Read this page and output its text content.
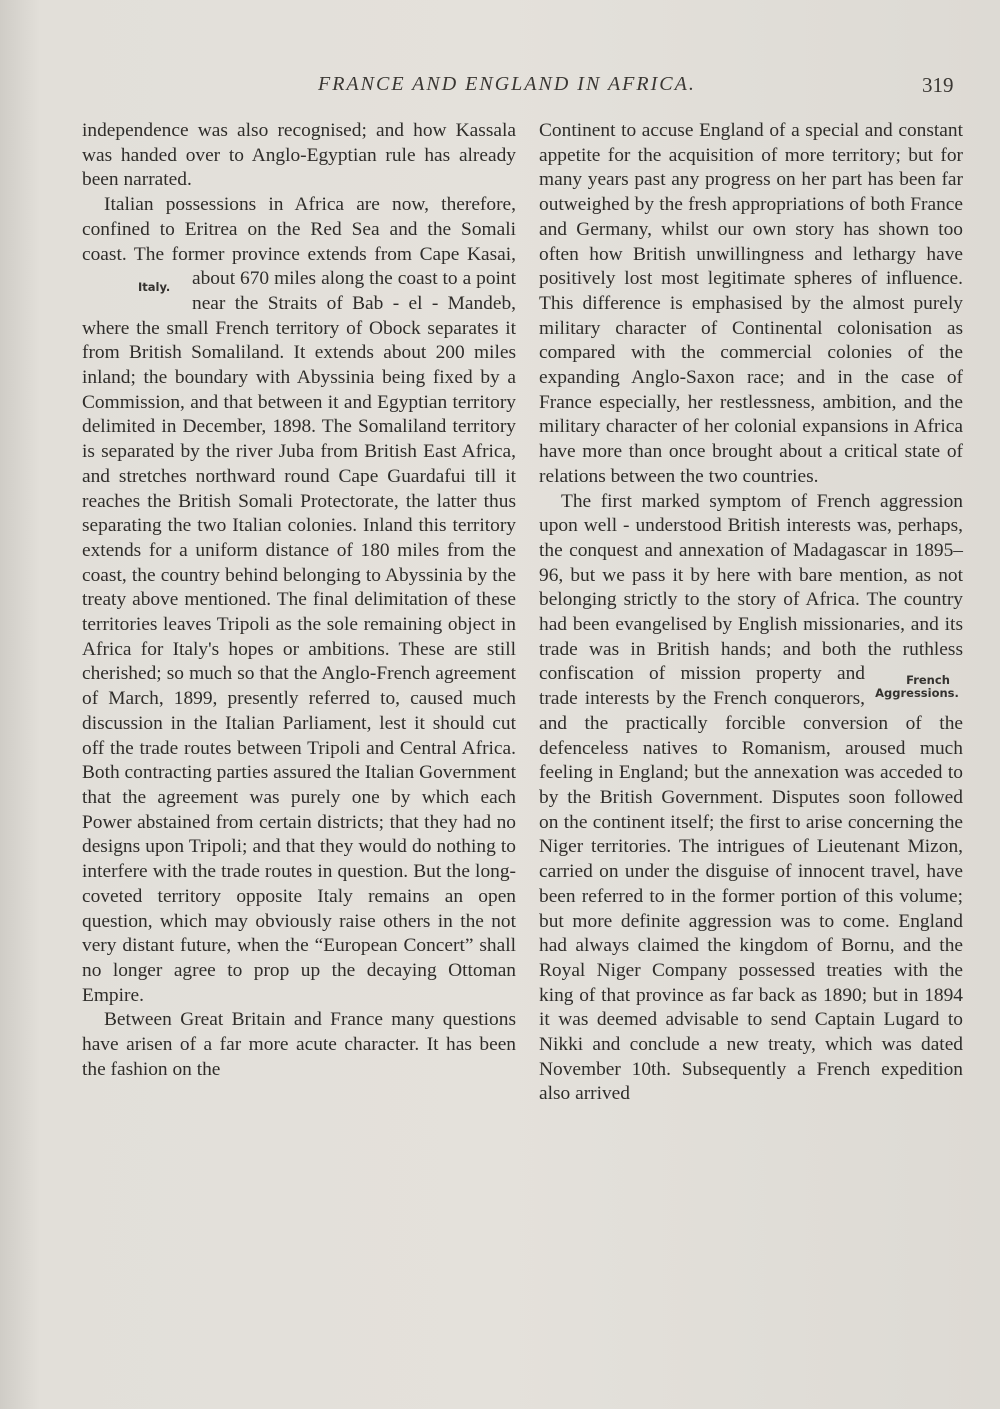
FRANCE AND ENGLAND IN AFRICA.	319

independence was also recognised; and how Kassala was handed over to Anglo-Egyptian rule has already been narrated.

Italian possessions in Africa are now, therefore, confined to Eritrea on the Red Sea and the Somali coast. The former province extends from Cape Kasai, about 670 miles
Italy.	along the coast to a point near the Straits of Bab - el - Mandeb, where the small French territory of Obock separates it from British Somaliland. It extends about 200 miles inland; the boundary with Abyssinia being fixed by a Commission, and that between it and Egyptian territory delimited in December, 1898. The Somaliland territory is separated by the river Juba from British East Africa, and stretches northward round Cape Guardafui till it reaches the British Somali Protectorate, the latter thus separating the two Italian colonies. Inland this territory extends for a uniform distance of 180 miles from the coast, the country behind belonging to Abyssinia by the treaty above mentioned. The final delimitation of these territories leaves Tripoli as the sole remaining object in Africa for Italy's hopes or ambitions. These are still cherished; so much so that the Anglo-French agreement of March, 1899, presently referred to, caused much discussion in the Italian Parliament, lest it should cut off the trade routes between Tripoli and Central Africa. Both contracting parties assured the Italian Government that the agreement was purely one by which each Power abstained from certain districts; that they had no designs upon Tripoli; and that they would do nothing to interfere with the trade routes in question. But the long-coveted territory opposite Italy remains an open question, which may obviously raise others in the not very distant future, when the “European Concert” shall no longer agree to prop up the decaying Ottoman Empire.

Between Great Britain and France many questions have arisen of a far more acute character. It has been the fashion on the

Continent to accuse England of a special and constant appetite for the acquisition of more territory; but for many years past any progress on her part has been far outweighed by the fresh appropriations of both France and Germany, whilst our own story has shown too often how British unwillingness and lethargy have positively lost most legitimate spheres of influence. This difference is emphasised by the almost purely military character of Continental colonisation as compared with the commercial colonies of the expanding Anglo-Saxon race; and in the case of France especially, her restlessness, ambition, and the military character of her colonial expansions in Africa have more than once brought about a critical state of relations between the two countries.

The first marked symptom of French aggression upon well - understood British interests was, perhaps, the conquest and annexation of Madagascar in 1895–96, but we pass it by here with bare mention, as not belonging strictly to the story of Africa. The country had been evangelised by English missionaries, and its trade was in British hands; and both the ruth
French
Aggressions.
less confiscation of mission property and trade interests by the French conquerors, and the practically forcible conversion of the defenceless natives to Romanism, aroused much feeling in England; but the annexation was acceded to by the British Government. Disputes soon followed on the continent itself; the first to arise concerning the Niger territories. The intrigues of Lieutenant Mizon, carried on under the disguise of innocent travel, have been referred to in the former portion of this volume; but more definite aggression was to come. England had always claimed the kingdom of Bornu, and the Royal Niger Company possessed treaties with the king of that province as far back as 1890; but in 1894 it was deemed advisable to send Captain Lugard to Nikki and conclude a new treaty, which was dated November 10th. Subsequently a French expedition also arrived
